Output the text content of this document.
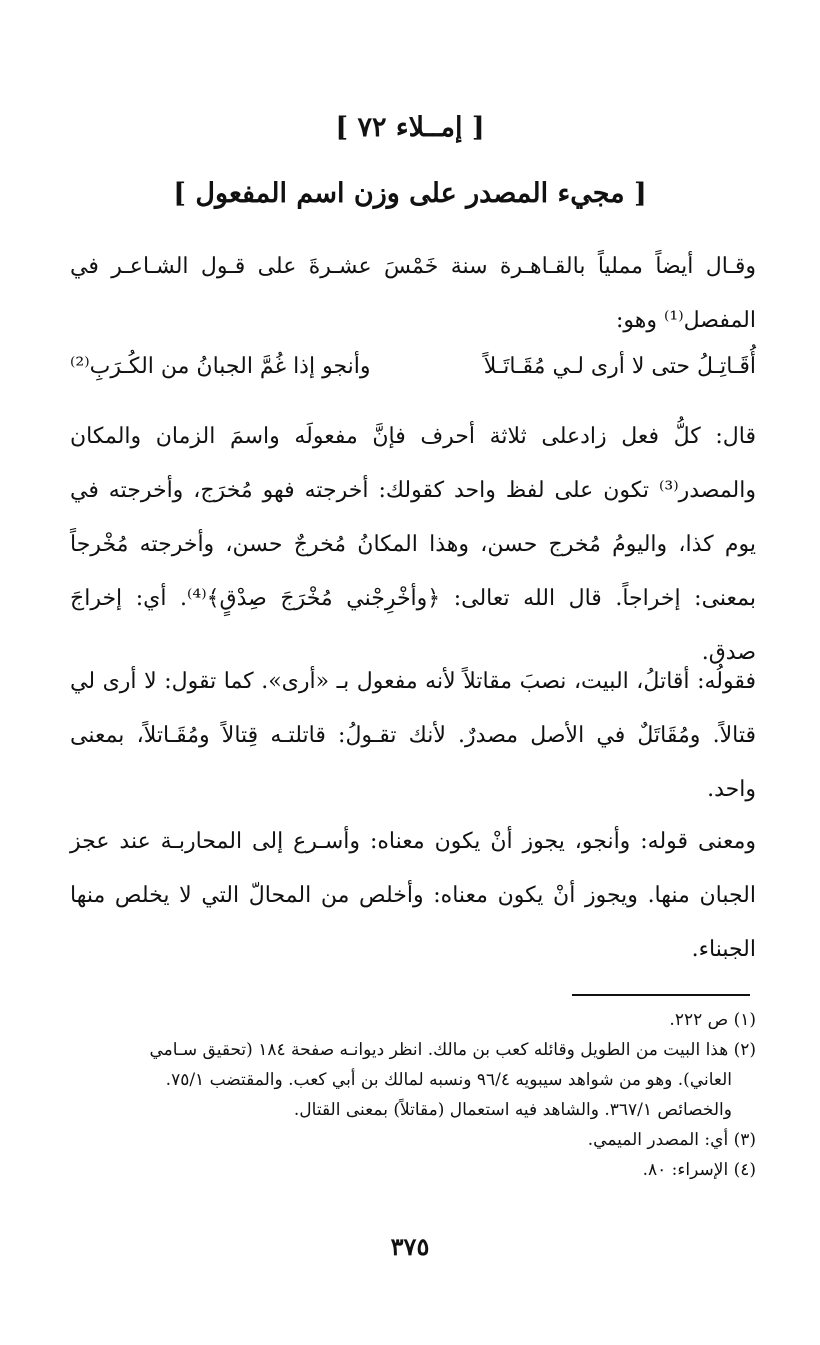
[ إمــلاء ٧٢ ]
[ مجيء المصدر على وزن اسم المفعول ]

وقـال أيضاً مملياً بالقـاهـرة سنة خَمْسَ عشـرةَ على قـول الشـاعـر في المفصل⁽¹⁾ وهو:

أُقَـاتِـلُ حتى لا أرى لـي مُقَـاتَـلاً
وأنجو إذا غُمَّ الجبانُ من الكُـرَبِ⁽²⁾

قال: كلُّ فعل زادعلى ثلاثة أحرف فإنَّ مفعولَه واسمَ الزمان والمكان والمصدر⁽³⁾ تكون على لفظ واحد كقولك: أخرجته فهو مُخرَج، وأخرجته في يوم كذا، واليومُ مُخرج حسن، وهذا المكانُ مُخرجٌ حسن، وأخرجته مُخْرجاً بمعنى: إخراجاً. قال الله تعالى: ﴿وأخْرِجْني مُخْرَجَ صِدْقٍ﴾⁽⁴⁾. أي: إخراجَ صدق.

فقولُه: أقاتلُ، البيت، نصبَ مقاتلاً لأنه مفعول بـ «أرى». كما تقول: لا أرى لي قتالاً. ومُقَاتَلٌ في الأصل مصدرٌ. لأنك تقـولُ: قاتلتـه قِتالاً ومُقَـاتلاً، بمعنى واحد.

ومعنى قوله: وأنجو، يجوز أنْ يكون معناه: وأسـرع إلى المحاربـة عند عجز الجبان منها. ويجوز أنْ يكون معناه: وأخلص من المحالّ التي لا يخلص منها الجبناء.

(١) ص ٢٢٢.

(٢) هذا البيت من الطويل وقائله كعب بن مالك. انظر ديوانـه صفحة ١٨٤ (تحقيق سـامي

العاني). وهو من شواهد سيبويه ٩٦/٤ ونسبه لمالك بن أبي كعب. والمقتضب ٧٥/١.

والخصائص ٣٦٧/١. والشاهد فيه استعمال (مقاتلاً) بمعنى القتال.

(٣) أي: المصدر الميمي.

(٤) الإسراء: ٨٠.

٣٧٥
